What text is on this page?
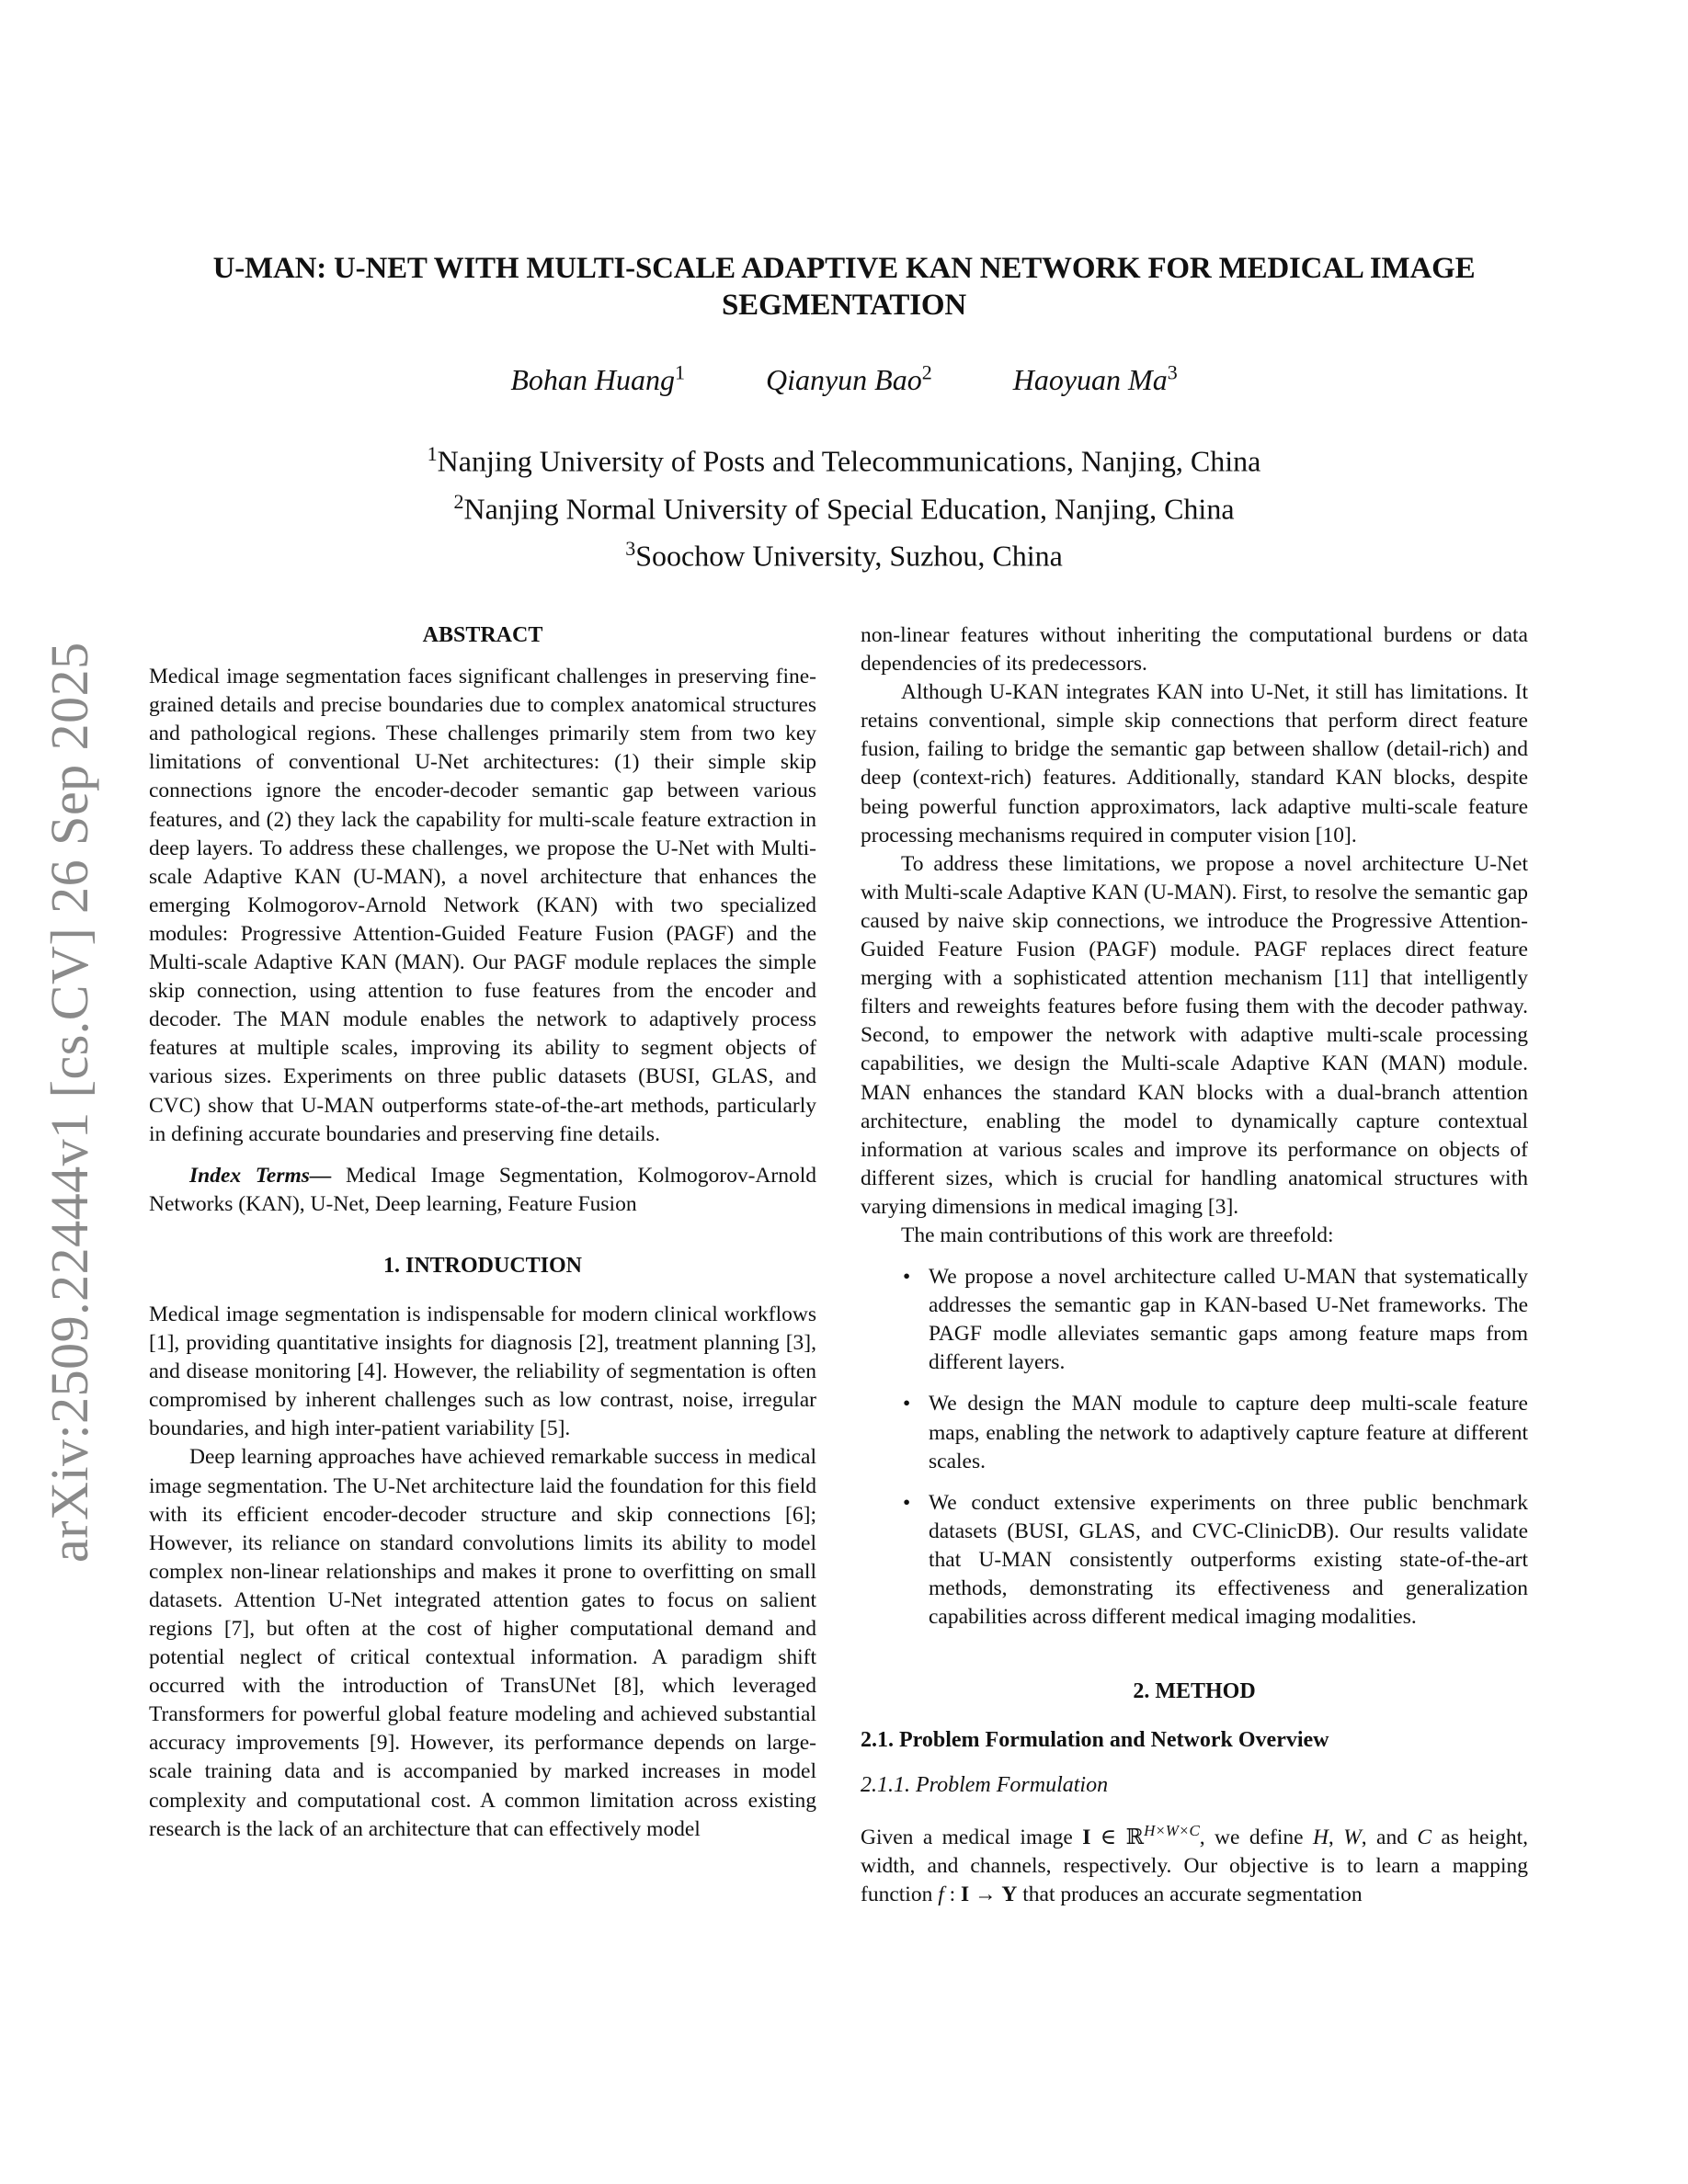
arXiv:2509.22444v1 [cs.CV] 26 Sep 2025
U-MAN: U-NET WITH MULTI-SCALE ADAPTIVE KAN NETWORK FOR MEDICAL IMAGE
SEGMENTATION
Bohan Huang$^1$	Qianyun Bao$^2$	Haoyuan Ma$^3$
$^1$Nanjing University of Posts and Telecommunications, Nanjing, China
$^2$Nanjing Normal University of Special Education, Nanjing, China
$^3$Soochow University, Suzhou, China

ABSTRACT

Medical image segmentation faces significant challenges in preserving fine-grained details and precise boundaries due to complex anatomical structures and pathological regions. These challenges primarily stem from two key limitations of conventional U-Net architectures: (1) their simple skip connections ignore the encoder-decoder semantic gap between various features, and (2) they lack the capability for multi-scale feature extraction in deep layers. To address these challenges, we propose the U-Net with Multi-scale Adaptive KAN (U-MAN), a novel architecture that enhances the emerging Kolmogorov-Arnold Network (KAN) with two specialized modules: Progressive Attention-Guided Feature Fusion (PAGF) and the Multi-scale Adaptive KAN (MAN). Our PAGF module replaces the simple skip connection, using attention to fuse features from the encoder and decoder. The MAN module enables the network to adaptively process features at multiple scales, improving its ability to segment objects of various sizes. Experiments on three public datasets (BUSI, GLAS, and CVC) show that U-MAN outperforms state-of-the-art methods, particularly in defining accurate boundaries and preserving fine details.

Index Terms— Medical Image Segmentation, Kolmogorov-Arnold Networks (KAN), U-Net, Deep learning, Feature Fusion

1. INTRODUCTION

Medical image segmentation is indispensable for modern clinical workflows [1], providing quantitative insights for diagnosis [2], treatment planning [3], and disease monitoring [4]. However, the reliability of segmentation is often compromised by inherent challenges such as low contrast, noise, irregular boundaries, and high inter-patient variability [5].

Deep learning approaches have achieved remarkable success in medical image segmentation. The U-Net architecture laid the foundation for this field with its efficient encoder-decoder structure and skip connections [6]; However, its reliance on standard convolutions limits its ability to model complex non-linear relationships and makes it prone to overfitting on small datasets. Attention U-Net integrated attention gates to focus on salient regions [7], but often at the cost of higher computational demand and potential neglect of critical contextual information. A paradigm shift occurred with the introduction of TransUNet [8], which leveraged Transformers for powerful global feature modeling and achieved substantial accuracy improvements [9]. However, its performance depends on large-scale training data and is accompanied by marked increases in model complexity and computational cost. A common limitation across existing research is the lack of an architecture that can effectively model

non-linear features without inheriting the computational burdens or data dependencies of its predecessors.

Although U-KAN integrates KAN into U-Net, it still has limitations. It retains conventional, simple skip connections that perform direct feature fusion, failing to bridge the semantic gap between shallow (detail-rich) and deep (context-rich) features. Additionally, standard KAN blocks, despite being powerful function approximators, lack adaptive multi-scale feature processing mechanisms required in computer vision [10].

To address these limitations, we propose a novel architecture U-Net with Multi-scale Adaptive KAN (U-MAN). First, to resolve the semantic gap caused by naive skip connections, we introduce the Progressive Attention-Guided Feature Fusion (PAGF) module. PAGF replaces direct feature merging with a sophisticated attention mechanism [11] that intelligently filters and reweights features before fusing them with the decoder pathway. Second, to empower the network with adaptive multi-scale processing capabilities, we design the Multi-scale Adaptive KAN (MAN) module. MAN enhances the standard KAN blocks with a dual-branch attention architecture, enabling the model to dynamically capture contextual information at various scales and improve its performance on objects of different sizes, which is crucial for handling anatomical structures with varying dimensions in medical imaging [3].

The main contributions of this work are threefold:

• We propose a novel architecture called U-MAN that systematically addresses the semantic gap in KAN-based U-Net frameworks. The PAGF modle alleviates semantic gaps among feature maps from different layers.
• We design the MAN module to capture deep multi-scale feature maps, enabling the network to adaptively capture feature at different scales.
• We conduct extensive experiments on three public benchmark datasets (BUSI, GLAS, and CVC-ClinicDB). Our results validate that U-MAN consistently outperforms existing state-of-the-art methods, demonstrating its effectiveness and generalization capabilities across different medical imaging modalities.

2. METHOD

2.1. Problem Formulation and Network Overview

2.1.1. Problem Formulation

Given a medical image I ∈ ℝ$^{H\times W\times C}$, we define H, W, and C as height, width, and channels, respectively. Our objective is to learn a mapping function f : I → Y that produces an accurate segmentation
